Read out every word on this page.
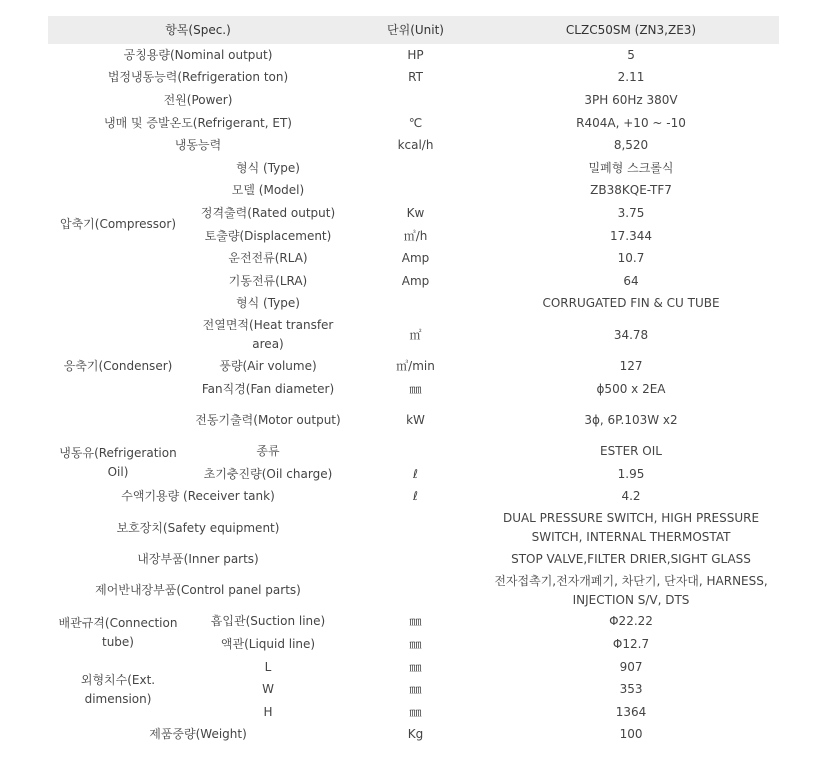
항목(Spec.)		단위(Unit)	CLZC50SM (ZN3,ZE3)
공칭용량(Nominal output)		HP	5
법정냉동능력(Refrigeration ton)		RT	2.11
전원(Power)			3PH 60Hz 380V
냉매 및 증발온도(Refrigerant, ET)		℃	R404A, +10 ~ -10
냉동능력		kcal/h	8,520
압축기(Compressor)	형식 (Type)		밀폐형 스크롤식
	모델 (Model)		ZB38KQE-TF7
	정격출력(Rated output)	Kw	3.75
	토출량(Displacement)	㎥/h	17.344
	운전전류(RLA)	Amp	10.7
	기동전류(LRA)	Amp	64
응축기(Condenser)	형식 (Type)		CORRUGATED FIN & CU TUBE
	전열면적(Heat transfer area)	㎡	34.78
	풍량(Air volume)	㎥/min	127
	Fan직경(Fan diameter)	㎜	ɸ500 x 2EA
	전동기출력(Motor output)	kW	3ɸ, 6P.103W x2
냉동유(Refrigeration Oil)	종류		ESTER OIL
	초기충진량(Oil charge)	ℓ	1.95
수액기용량 (Receiver tank)		ℓ	4.2
보호장치(Safety equipment)			DUAL PRESSURE SWITCH, HIGH PRESSURE SWITCH, INTERNAL THERMOSTAT
내장부품(Inner parts)			STOP VALVE,FILTER DRIER,SIGHT GLASS
제어반내장부품(Control panel parts)			전자접촉기,전자개폐기, 차단기, 단자대, HARNESS, INJECTION S/V, DTS
배관규격(Connection tube)	흡입관(Suction line)	㎜	Φ22.22
	액관(Liquid line)	㎜	Φ12.7
외형치수(Ext. dimension)	L	㎜	907
	W	㎜	353
	H	㎜	1364
제품중량(Weight)		Kg	100
